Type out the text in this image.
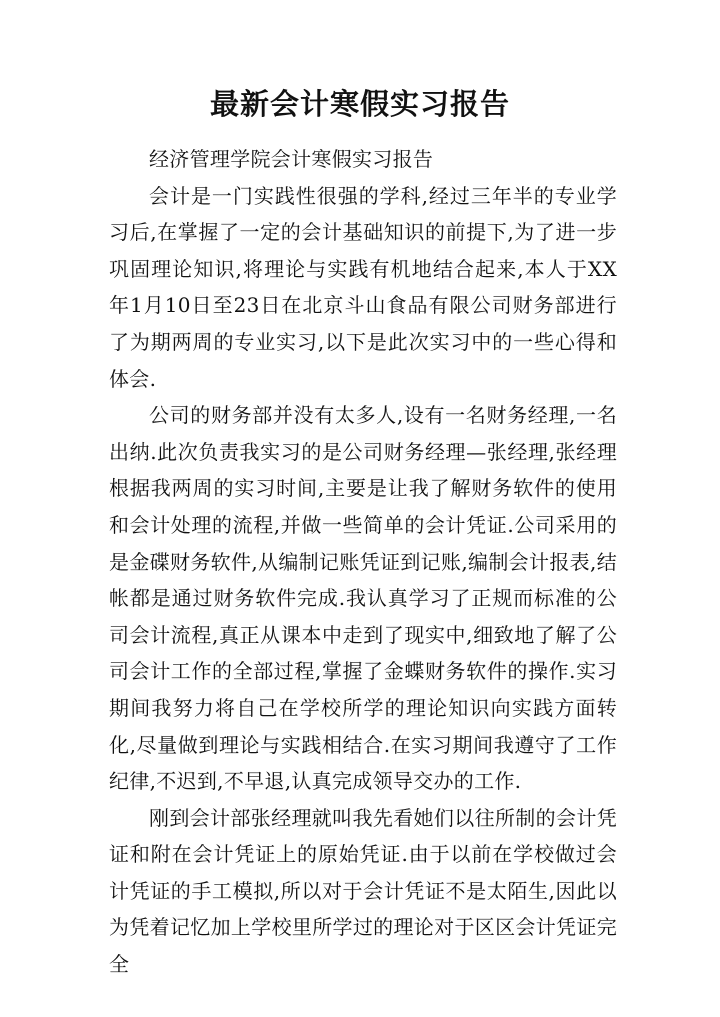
最新会计寒假实习报告

经济管理学院会计寒假实习报告

会计是一门实践性很强的学科,经过三年半的专业学习后,在掌握了一定的会计基础知识的前提下,为了进一步巩固理论知识,将理论与实践有机地结合起来,本人于XX年1月10日至23日在北京斗山食品有限公司财务部进行了为期两周的专业实习,以下是此次实习中的一些心得和体会.

公司的财务部并没有太多人,设有一名财务经理,一名出纳.此次负责我实习的是公司财务经理—张经理,张经理根据我两周的实习时间,主要是让我了解财务软件的使用和会计处理的流程,并做一些简单的会计凭证.公司采用的是金碟财务软件,从编制记账凭证到记账,编制会计报表,结帐都是通过财务软件完成.我认真学习了正规而标准的公司会计流程,真正从课本中走到了现实中,细致地了解了公司会计工作的全部过程,掌握了金蝶财务软件的操作.实习期间我努力将自己在学校所学的理论知识向实践方面转化,尽量做到理论与实践相结合.在实习期间我遵守了工作纪律,不迟到,不早退,认真完成领导交办的工作.

刚到会计部张经理就叫我先看她们以往所制的会计凭证和附在会计凭证上的原始凭证.由于以前在学校做过会计凭证的手工模拟,所以对于会计凭证不是太陌生,因此以为凭着记忆加上学校里所学过的理论对于区区会计凭证完全
